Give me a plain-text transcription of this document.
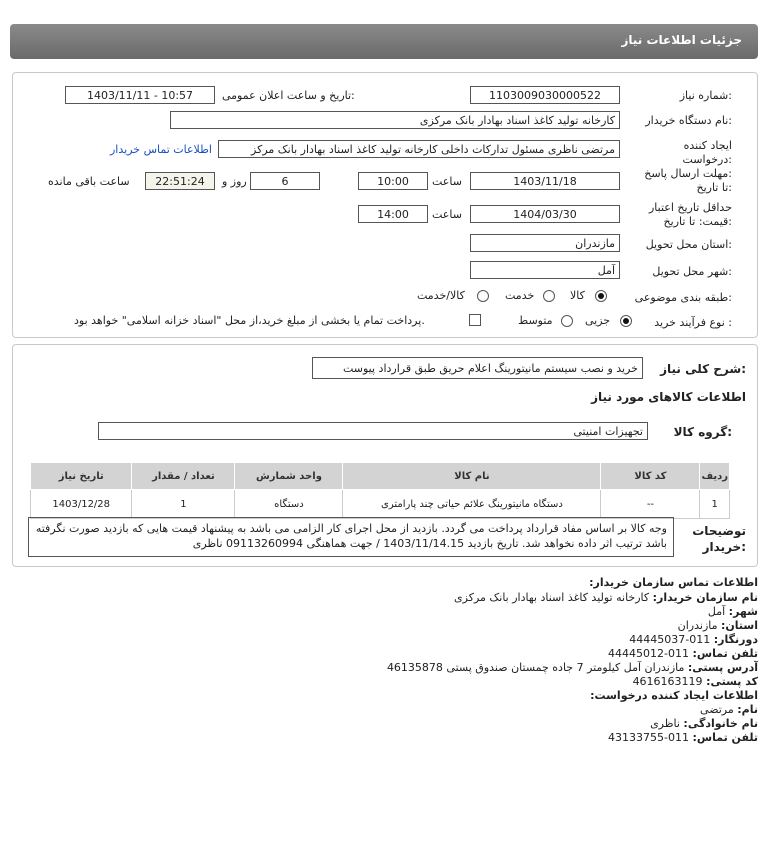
جزئیات اطلاعات نیاز
شماره نیاز:
1103009030000522
تاریخ و ساعت اعلان عمومی:
1403/11/11 - 10:57
نام دستگاه خریدار:
کارخانه تولید کاغذ اسناد بهادار بانک مرکزی
ایجاد کننده
درخواست:
مرتضی ناظری مسئول تدارکات داخلی کارخانه تولید کاغذ اسناد بهادار بانک مرکز
اطلاعات تماس خریدار
مهلت ارسال پاسخ:
تا تاریخ:
1403/11/18
ساعت
10:00
6
روز و
22:51:24
ساعت باقی مانده
حداقل تاریخ اعتبار
قیمت: تا تاریخ:
1404/03/30
ساعت
14:00
استان محل تحویل:
مازندران
شهر محل تحویل:
آمل
طبقه بندی موضوعی:
کالا
خدمت
کالا/خدمت
نوع فرآیند خرید :
جزیی
متوسط
پرداخت تمام یا بخشی از مبلغ خرید،از محل "اسناد خزانه اسلامی" خواهد بود.
شرح کلی نیاز:
خرید و نصب سیستم مانیتورینگ اعلام حریق طبق قرارداد پیوست
اطلاعات کالاهای مورد نیاز
گروه کالا:
تجهیزات امنیتی
ردیف	کد کالا	نام کالا	واحد شمارش	تعداد / مقدار	تاریخ نیاز
1	--	دستگاه مانیتورینگ علائم حیاتی چند پارامتری	دستگاه	1	1403/12/28
توضیحات
خریدار:
وجه کالا بر اساس مفاد قرارداد پرداخت می گردد. بازدید از محل اجرای کار الزامی می باشد به پیشنهاد قیمت هایی که بازدید صورت نگرفته باشد ترتیب اثر داده نخواهد شد. تاریخ بازدید 1403/11/14.15 / جهت هماهنگی 09113260994 ناظری
اطلاعات تماس سازمان خریدار:
نام سازمان خریدار: کارخانه تولید کاغذ اسناد بهادار بانک مرکزی
شهر: آمل
استان: مازندران
دورنگار: 011-44445037
تلفن تماس: 011-44445012
آدرس پستی: مازندران آمل کیلومتر 7 جاده چمستان صندوق پستی 46135878
کد پستی: 4616163119
اطلاعات ایجاد کننده درخواست:
نام: مرتضی
نام خانوادگی: ناظری
تلفن تماس: 011-43133755
